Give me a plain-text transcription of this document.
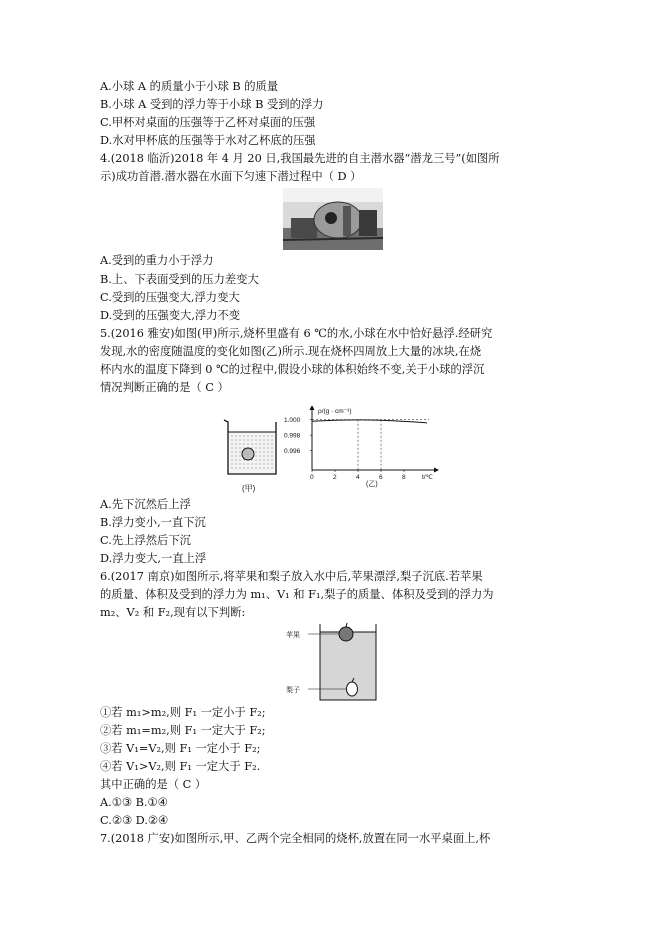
A.小球 A 的质量小于小球 B 的质量
B.小球 A 受到的浮力等于小球 B 受到的浮力
C.甲杯对桌面的压强等于乙杯对桌面的压强
D.水对甲杯底的压强等于水对乙杯底的压强
4.(2018 临沂)2018 年 4 月 20 日,我国最先进的自主潜水器“潜龙三号”(如图所
示)成功首潜.潜水器在水面下匀速下潜过程中（ D ）
A.受到的重力小于浮力
B.上、下表面受到的压力差变大
C.受到的压强变大,浮力变大
D.受到的压强变大,浮力不变
5.(2016 雅安)如图(甲)所示,烧杯里盛有 6 ℃的水,小球在水中恰好悬浮.经研究
发现,水的密度随温度的变化如图(乙)所示.现在烧杯四周放上大量的冰块,在烧
杯内水的温度下降到 0 ℃的过程中,假设小球的体积始终不变,关于小球的浮沉
情况判断正确的是（ C ）
(甲)
0	2	4	6	8
1.000
0.998
0.996
ρ/(g · cm⁻³)
t/℃
(乙)
A.先下沉然后上浮
B.浮力变小,一直下沉
C.先上浮然后下沉
D.浮力变大,一直上浮
6.(2017 南京)如图所示,将苹果和梨子放入水中后,苹果漂浮,梨子沉底.若苹果
的质量、体积及受到的浮力为 m₁、V₁ 和 F₁,梨子的质量、体积及受到的浮力为
m₂、V₂ 和 F₂,现有以下判断:
苹果
梨子
①若 m₁>m₂,则 F₁ 一定小于 F₂;
②若 m₁=m₂,则 F₁ 一定大于 F₂;
③若 V₁=V₂,则 F₁ 一定小于 F₂;
④若 V₁>V₂,则 F₁ 一定大于 F₂.
其中正确的是（ C ）
A.①③ B.①④
C.②③ D.②④
7.(2018 广安)如图所示,甲、乙两个完全相同的烧杯,放置在同一水平桌面上,杯
